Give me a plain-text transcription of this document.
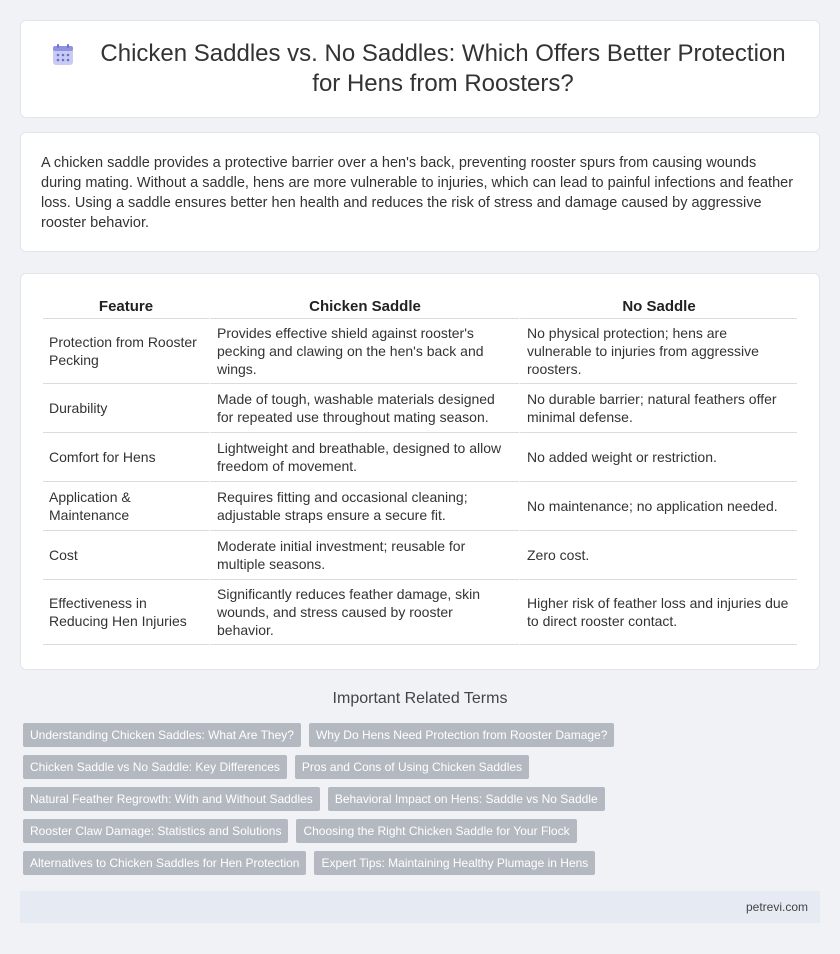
Chicken Saddles vs. No Saddles: Which Offers Better Protection for Hens from Roosters?

A chicken saddle provides a protective barrier over a hen's back, preventing rooster spurs from causing wounds during mating. Without a saddle, hens are more vulnerable to injuries, which can lead to painful infections and feather loss. Using a saddle ensures better hen health and reduces the risk of stress and damage caused by aggressive rooster behavior.

Feature	Chicken Saddle	No Saddle
Protection from Rooster Pecking	Provides effective shield against rooster's pecking and clawing on the hen's back and wings.	No physical protection; hens are vulnerable to injuries from aggressive roosters.
Durability	Made of tough, washable materials designed for repeated use throughout mating season.	No durable barrier; natural feathers offer minimal defense.
Comfort for Hens	Lightweight and breathable, designed to allow freedom of movement.	No added weight or restriction.
Application & Maintenance	Requires fitting and occasional cleaning; adjustable straps ensure a secure fit.	No maintenance; no application needed.
Cost	Moderate initial investment; reusable for multiple seasons.	Zero cost.
Effectiveness in Reducing Hen Injuries	Significantly reduces feather damage, skin wounds, and stress caused by rooster behavior.	Higher risk of feather loss and injuries due to direct rooster contact.
Important Related Terms
Understanding Chicken Saddles: What Are They?	Why Do Hens Need Protection from Rooster Damage?
Chicken Saddle vs No Saddle: Key Differences	Pros and Cons of Using Chicken Saddles
Natural Feather Regrowth: With and Without Saddles	Behavioral Impact on Hens: Saddle vs No Saddle
Rooster Claw Damage: Statistics and Solutions	Choosing the Right Chicken Saddle for Your Flock
Alternatives to Chicken Saddles for Hen Protection	Expert Tips: Maintaining Healthy Plumage in Hens
petrevi.com
